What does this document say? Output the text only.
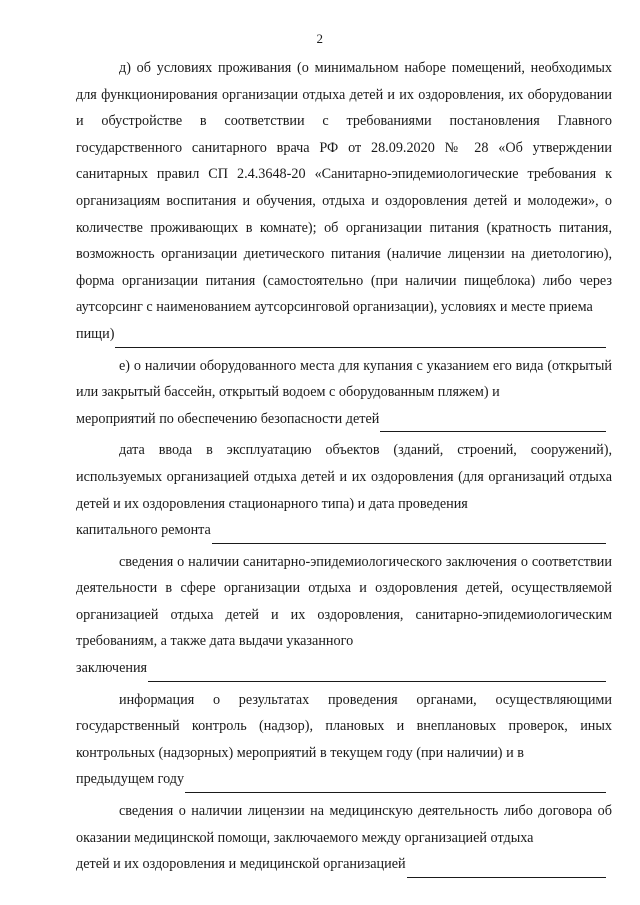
2

д) об условиях проживания (о минимальном наборе помещений, необходимых для функционирования организации отдыха детей и их оздоровления, их оборудовании и обустройстве в соответствии с требованиями постановления Главного государственного санитарного врача РФ от 28.09.2020 № 28 «Об утверждении санитарных правил СП 2.4.3648-20 «Санитарно-эпидемиологические требования к организациям воспитания и обучения, отдыха и оздоровления детей и молодежи», о количестве проживающих в комнате); об организации питания (кратность питания, возможность организации диетического питания (наличие лицензии на диетологию), форма организации питания (самостоятельно (при наличии пищеблока) либо через аутсорсинг с наименованием аутсорсинговой организации), условиях и месте приема

пищи)

е) о наличии оборудованного места для купания с указанием его вида (открытый или закрытый бассейн, открытый водоем с оборудованным пляжем) и

мероприятий по обеспечению безопасности детей

дата ввода в эксплуатацию объектов (зданий, строений, сооружений), используемых организацией отдыха детей и их оздоровления (для организаций отдыха детей и их оздоровления стационарного типа) и дата проведения

капитального ремонта

сведения о наличии санитарно-эпидемиологического заключения о соответствии деятельности в сфере организации отдыха и оздоровления детей, осуществляемой организацией отдыха детей и их оздоровления, санитарно-эпидемиологическим требованиям, а также дата выдачи указанного

заключения

информация о результатах проведения органами, осуществляющими государственный контроль (надзор), плановых и внеплановых проверок, иных контрольных (надзорных) мероприятий в текущем году (при наличии) и в

предыдущем году

сведения о наличии лицензии на медицинскую деятельность либо договора об оказании медицинской помощи, заключаемого между организацией отдыха

детей и их оздоровления и медицинской организацией
